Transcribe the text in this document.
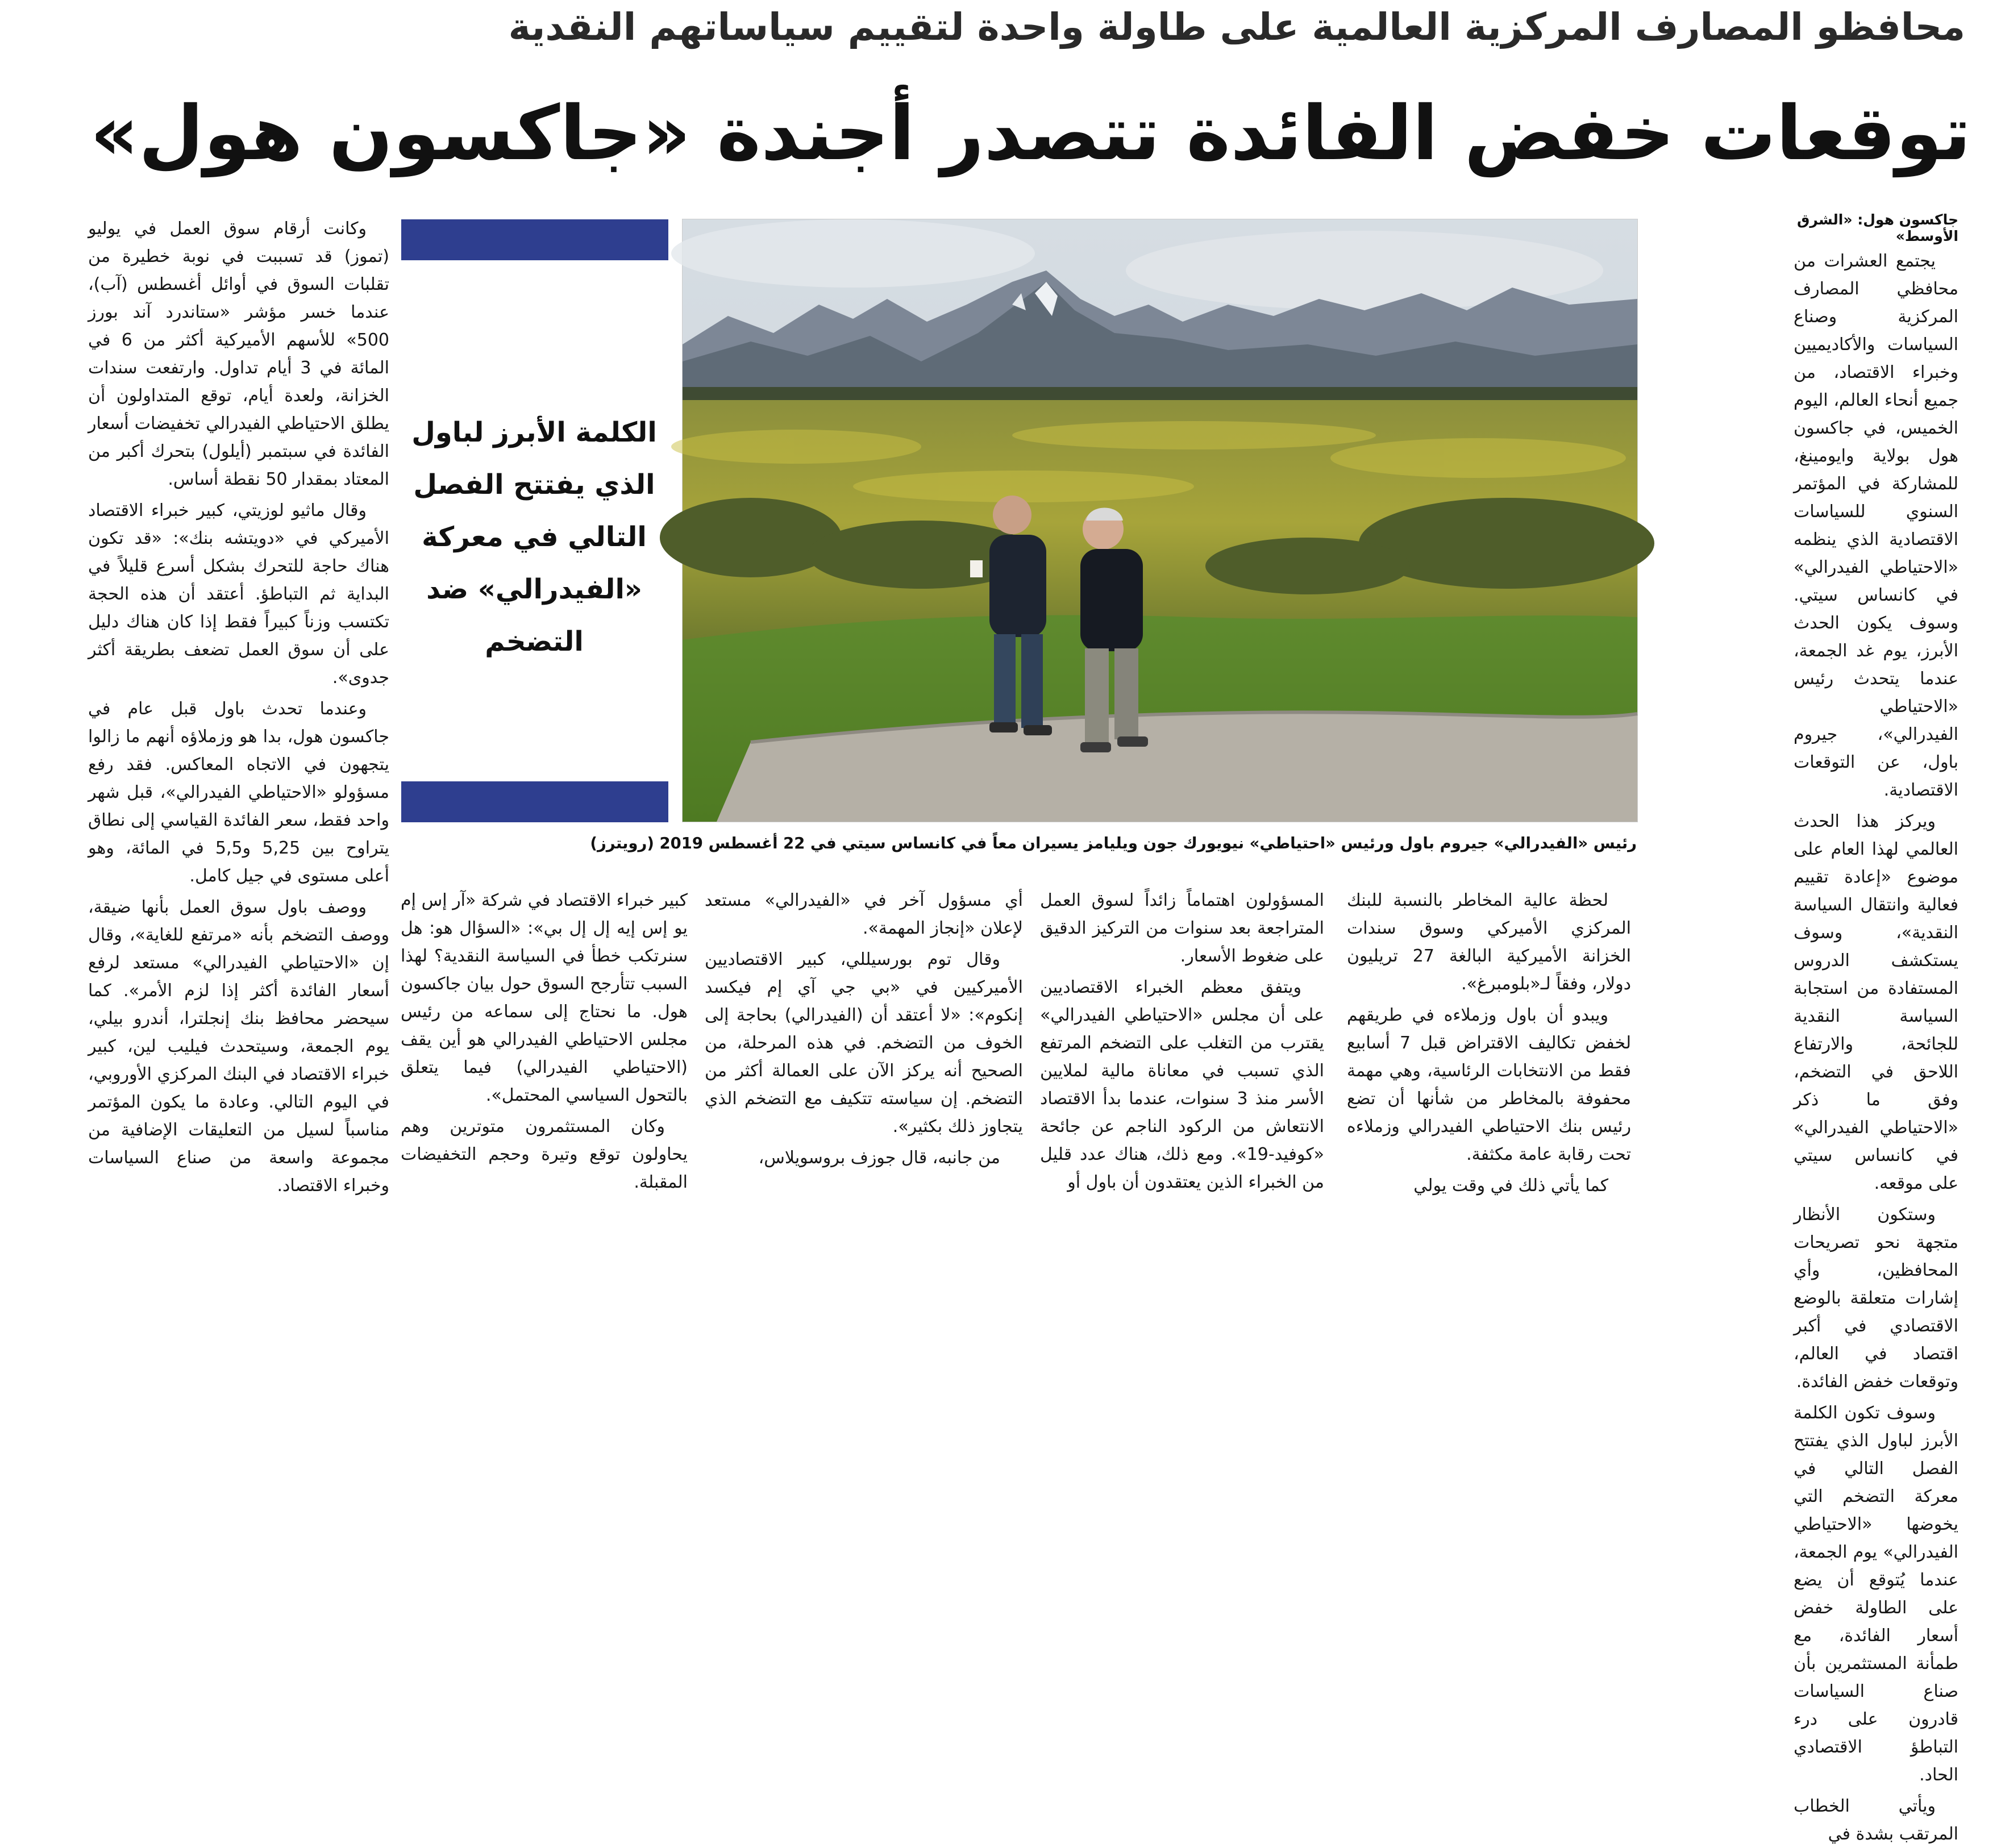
محافظو المصارف المركزية العالمية على طاولة واحدة لتقييم سياساتهم النقدية
توقعات خفض الفائدة تتصدر أجندة «جاكسون هول»
جاكسون هول: «الشرق الأوسط»

يجتمع العشرات من محافظي المصارف المركزية وصناع السياسات والأكاديميين وخبراء الاقتصاد، من جميع أنحاء العالم، اليوم الخميس، في جاكسون هول بولاية وايومينغ، للمشاركة في المؤتمر السنوي للسياسات الاقتصادية الذي ينظمه «الاحتياطي الفيدرالي» في كانساس سيتي. وسوف يكون الحدث الأبرز، يوم غد الجمعة، عندما يتحدث رئيس «الاحتياطي الفيدرالي»، جيروم باول، عن التوقعات الاقتصادية.

ويركز هذا الحدث العالمي لهذا العام على موضوع «إعادة تقييم فعالية وانتقال السياسة النقدية»، وسوف يستكشف الدروس المستفادة من استجابة السياسة النقدية للجائحة، والارتفاع اللاحق في التضخم، وفق ما ذكر «الاحتياطي الفيدرالي» في كانساس سيتي على موقعه.

وستكون الأنظار متجهة نحو تصريحات المحافظين، وأي إشارات متعلقة بالوضع الاقتصادي في أكبر اقتصاد في العالم، وتوقعات خفض الفائدة.

وسوف تكون الكلمة الأبرز لباول الذي يفتتح الفصل التالي في معركة التضخم التي يخوضها «الاحتياطي الفيدرالي» يوم الجمعة، عندما يُتوقع أن يضع على الطاولة خفض أسعار الفائدة، مع طمأنة المستثمرين بأن صناع السياسات قادرون على درء التباطؤ الاقتصادي الحاد.

ويأتي الخطاب المرتقب بشدة في

رئيس «الفيدرالي» جيروم باول ورئيس «احتياطي» نيويورك جون ويليامز يسيران معاً في كانساس سيتي في 22 أغسطس 2019 (رويترز)
الكلمة الأبرز لباول الذي يفتتح الفصل التالي في معركة «الفيدرالي» ضد التضخم

وكانت أرقام سوق العمل في يوليو (تموز) قد تسببت في نوبة خطيرة من تقلبات السوق في أوائل أغسطس (آب)، عندما خسر مؤشر «ستاندرد آند بورز 500» للأسهم الأميركية أكثر من 6 في المائة في 3 أيام تداول. وارتفعت سندات الخزانة، ولعدة أيام، توقع المتداولون أن يطلق الاحتياطي الفيدرالي تخفيضات أسعار الفائدة في سبتمبر (أيلول) بتحرك أكبر من المعتاد بمقدار 50 نقطة أساس.

وقال ماثيو لوزيتي، كبير خبراء الاقتصاد الأميركي في «دويتشه بنك»: «قد تكون هناك حاجة للتحرك بشكل أسرع قليلاً في البداية ثم التباطؤ. أعتقد أن هذه الحجة تكتسب وزناً كبيراً فقط إذا كان هناك دليل على أن سوق العمل تضعف بطريقة أكثر جدوى».

وعندما تحدث باول قبل عام في جاكسون هول، بدا هو وزملاؤه أنهم ما زالوا يتجهون في الاتجاه المعاكس. فقد رفع مسؤولو «الاحتياطي الفيدرالي»، قبل شهر واحد فقط، سعر الفائدة القياسي إلى نطاق يتراوح بين 5,25 و5,5 في المائة، وهو أعلى مستوى في جيل كامل.

ووصف باول سوق العمل بأنها ضيقة، ووصف التضخم بأنه «مرتفع للغاية»، وقال إن «الاحتياطي الفيدرالي» مستعد لرفع أسعار الفائدة أكثر إذا لزم الأمر». كما سيحضر محافظ بنك إنجلترا، أندرو بيلي، يوم الجمعة، وسيتحدث فيليب لين، كبير خبراء الاقتصاد في البنك المركزي الأوروبي، في اليوم التالي. وعادة ما يكون المؤتمر مناسباً لسيل من التعليقات الإضافية من مجموعة واسعة من صناع السياسات وخبراء الاقتصاد.

لحظة عالية المخاطر بالنسبة للبنك المركزي الأميركي وسوق سندات الخزانة الأميركية البالغة 27 تريليون دولار، وفقاً لـ«بلومبرغ».

ويبدو أن باول وزملاءه في طريقهم لخفض تكاليف الاقتراض قبل 7 أسابيع فقط من الانتخابات الرئاسية، وهي مهمة محفوفة بالمخاطر من شأنها أن تضع رئيس بنك الاحتياطي الفيدرالي وزملاءه تحت رقابة عامة مكثفة.

كما يأتي ذلك في وقت يولي

المسؤولون اهتماماً زائداً لسوق العمل المتراجعة بعد سنوات من التركيز الدقيق على ضغوط الأسعار.

ويتفق معظم الخبراء الاقتصاديين على أن مجلس «الاحتياطي الفيدرالي» يقترب من التغلب على التضخم المرتفع الذي تسبب في معاناة مالية لملايين الأسر منذ 3 سنوات، عندما بدأ الاقتصاد الانتعاش من الركود الناجم عن جائحة «كوفيد-19». ومع ذلك، هناك عدد قليل من الخبراء الذين يعتقدون أن باول أو

أي مسؤول آخر في «الفيدرالي» مستعد لإعلان «إنجاز المهمة».

وقال توم بورسيللي، كبير الاقتصاديين الأميركيين في «بي جي آي إم فيكسد إنكوم»: «لا أعتقد أن (الفيدرالي) بحاجة إلى الخوف من التضخم. في هذه المرحلة، من الصحيح أنه يركز الآن على العمالة أكثر من التضخم. إن سياسته تتكيف مع التضخم الذي يتجاوز ذلك بكثير».

من جانبه، قال جوزف بروسويلاس،

كبير خبراء الاقتصاد في شركة «آر إس إم يو إس إيه إل إل بي»: «السؤال هو: هل سنرتكب خطأ في السياسة النقدية؟ لهذا السبب تتأرجح السوق حول بيان جاكسون هول. ما نحتاج إلى سماعه من رئيس مجلس الاحتياطي الفيدرالي هو أين يقف (الاحتياطي الفيدرالي) فيما يتعلق بالتحول السياسي المحتمل».

وكان المستثمرون متوترين وهم يحاولون توقع وتيرة وحجم التخفيضات المقبلة.
